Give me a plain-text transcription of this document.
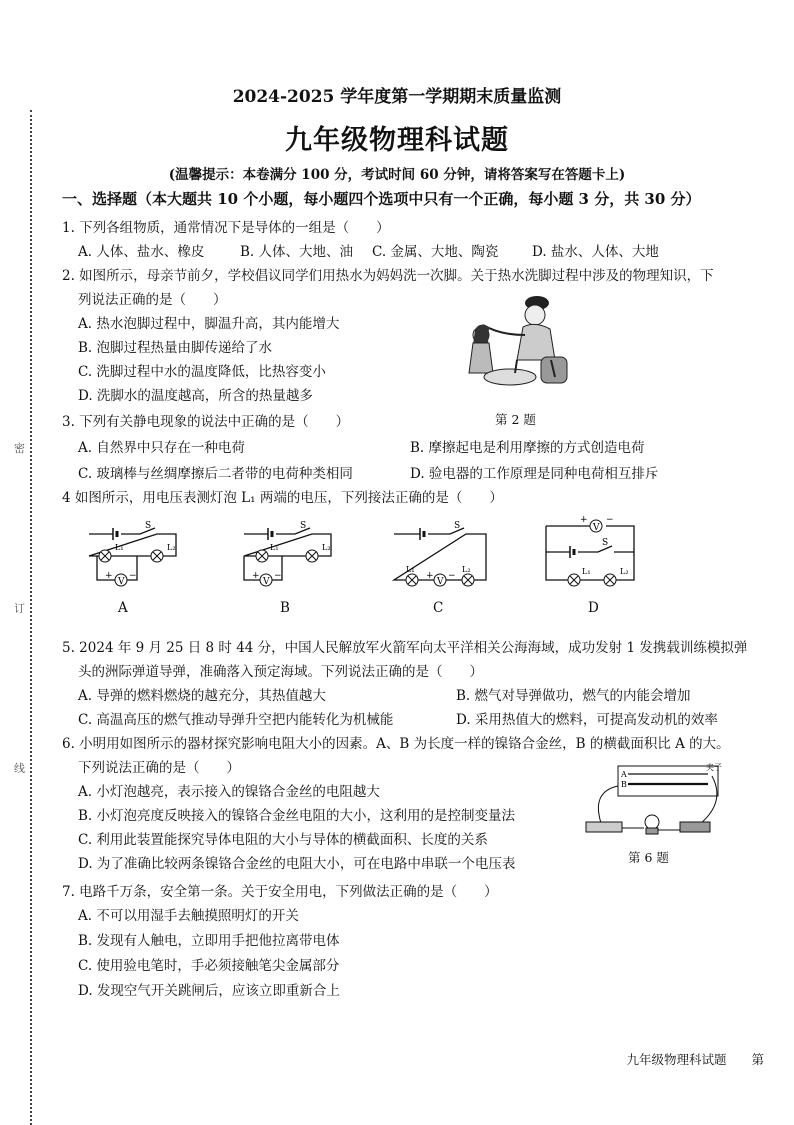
密
订
线
2024-2025 学年度第一学期期末质量监测
九年级物理科试题
(温馨提示：本卷满分 100 分，考试时间 60 分钟，请将答案写在答题卡上)
一、选择题（本大题共 10 个小题，每小题四个选项中只有一个正确，每小题 3 分，共 30 分）
1. 下列各组物质，通常情况下是导体的一组是（　　）
A. 人体、盐水、橡皮	B. 人体、大地、油 C. 金属、大地、陶瓷 D. 盐水、人体、大地
2. 如图所示，母亲节前夕，学校倡议同学们用热水为妈妈洗一次脚。关于热水洗脚过程中涉及的物理知识，下
列说法正确的是（　　）
A. 热水泡脚过程中，脚温升高，其内能增大
B. 泡脚过程热量由脚传递给了水
C. 洗脚过程中水的温度降低，比热容变小
D. 洗脚水的温度越高，所含的热量越多
第 2 题
3. 下列有关静电现象的说法中正确的是（　　）
A. 自然界中只存在一种电荷	B. 摩擦起电是利用摩擦的方式创造电荷
C. 玻璃棒与丝绸摩擦后二者带的电荷种类相同	D. 验电器的工作原理是同种电荷相互排斥
4 如图所示，用电压表测灯泡 L₁ 两端的电压，下列接法正确的是（　　）
V
S
L₁	L₂
+ −
A
V
S
L₁	L₂
+ −
B
V
S
L₁	L₂
+ −
C
V
S
L₁	L₂
+ −
D
5. 2024 年 9 月 25 日 8 时 44 分，中国人民解放军火箭军向太平洋相关公海海域，成功发射 1 发携载训练模拟弹
头的洲际弹道导弹，准确落入预定海域。下列说法正确的是（　　）
A. 导弹的燃料燃烧的越充分，其热值越大	B. 燃气对导弹做功，燃气的内能会增加
C. 高温高压的燃气推动导弹升空把内能转化为机械能	D. 采用热值大的燃料，可提高发动机的效率
6. 小明用如图所示的器材探究影响电阻大小的因素。A、B 为长度一样的镍铬合金丝，B 的横截面积比 A 的大。
下列说法正确的是（　　）
A. 小灯泡越亮，表示接入的镍铬合金丝的电阻越大
B. 小灯泡亮度反映接入的镍铬合金丝电阻的大小，这利用的是控制变量法
C. 利用此装置能探究导体电阻的大小与导体的横截面积、长度的关系
D. 为了准确比较两条镍铬合金丝的电阻大小，可在电路中串联一个电压表
A
B
夹子
第 6 题
7. 电路千万条，安全第一条。关于安全用电，下列做法正确的是（　　）
A. 不可以用湿手去触摸照明灯的开关
B. 发现有人触电，立即用手把他拉离带电体
C. 使用验电笔时，手必须接触笔尖金属部分
D. 发现空气开关跳闸后，应该立即重新合上
九年级物理科试题　　第
